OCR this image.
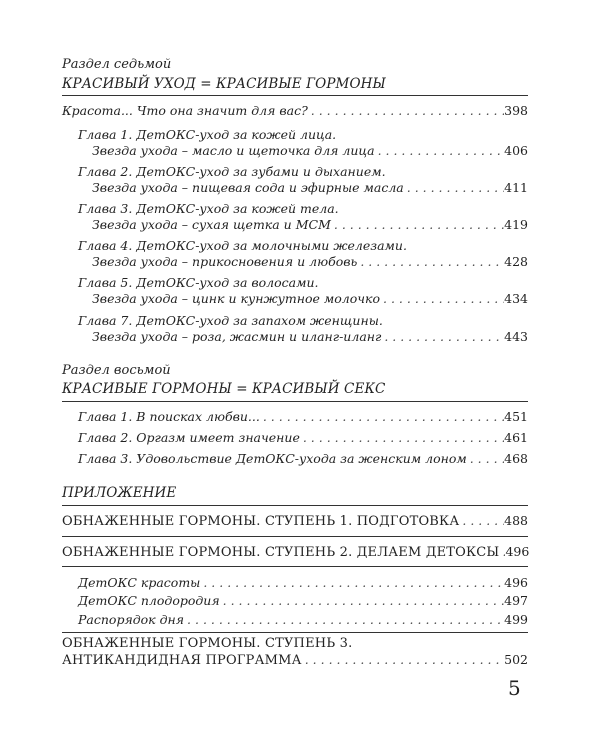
Раздел седьмой
КРАСИВЫЙ УХОД = КРАСИВЫЕ ГОРМОНЫ
Красота... Что она значит для вас? . . .	398
Глава 1. ДетОКС-уход за кожей лица.
Звезда ухода – масло и щеточка для лица . . .	406
Глава 2. ДетОКС-уход за зубами и дыханием.
Звезда ухода – пищевая сода и эфирные масла . . .	411
Глава 3. ДетОКС-уход за кожей тела.
Звезда ухода – сухая щетка и МСМ . . .	419
Глава 4. ДетОКС-уход за молочными железами.
Звезда ухода – прикосновения и любовь . . .	428
Глава 5. ДетОКС-уход за волосами.
Звезда ухода – цинк и кунжутное молочко . . .	434
Глава 7. ДетОКС-уход за запахом женщины.
Звезда ухода – роза, жасмин и иланг-иланг . . .	443
Раздел восьмой
КРАСИВЫЕ ГОРМОНЫ = КРАСИВЫЙ СЕКС
Глава 1. В поисках любви... . . .	451
Глава 2. Оргазм имеет значение . . .	461
Глава 3. Удовольствие ДетОКС-ухода за женским лоном . . .	468
ПРИЛОЖЕНИЕ
ОБНАЖЕННЫЕ ГОРМОНЫ. СТУПЕНЬ 1. ПОДГОТОВКА . . .	488
ОБНАЖЕННЫЕ ГОРМОНЫ. СТУПЕНЬ 2. ДЕЛАЕМ ДЕТОКСЫ . . . 496
ДетОКС красоты . . .	496
ДетОКС плодородия . . .	497
Распорядок дня . . .	499
ОБНАЖЕННЫЕ ГОРМОНЫ. СТУПЕНЬ 3.
АНТИКАНДИДНАЯ ПРОГРАММА . . .	502
5
